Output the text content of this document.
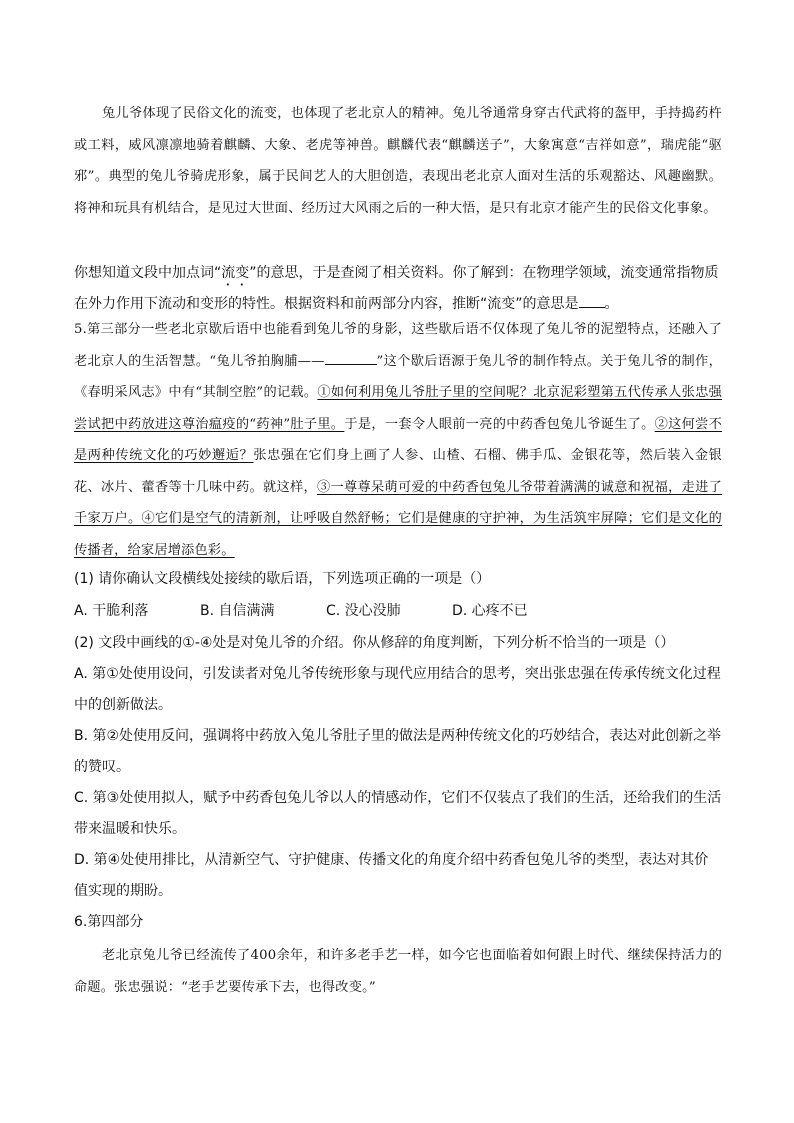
兔儿爷体现了民俗文化的流变，也体现了老北京人的精神。兔儿爷通常身穿古代武将的盔甲，手持捣药杵或工料，威风凛凛地骑着麒麟、大象、老虎等神兽。麒麟代表“麒麟送子”，大象寓意“吉祥如意”，瑞虎能“驱邪”。典型的兔儿爷骑虎形象，属于民间艺人的大胆创造，表现出老北京人面对生活的乐观豁达、风趣幽默。将神和玩具有机结合，是见过大世面、经历过大风雨之后的一种大悟，是只有北京才能产生的民俗文化事象。

你想知道文段中加点词“流变”的意思，于是查阅了相关资料。你了解到：在物理学领域，流变通常指物质在外力作用下流动和变形的特性。根据资料和前两部分内容，推断“流变”的意思是 。

5.第三部分一些老北京歇后语中也能看到兔儿爷的身影，这些歇后语不仅体现了兔儿爷的泥塑特点，还融入了老北京人的生活智慧。“兔儿爷拍胸脯——	”这个歇后语源于兔儿爷的制作特点。关于兔儿爷的制作，《春明采风志》中有“其制空腔”的记载。①如何利用兔儿爷肚子里的空间呢？北京泥彩塑第五代传承人张忠强尝试把中药放进这尊治瘟疫的“药神”肚子里。于是，一套令人眼前一亮的中药香包兔儿爷诞生了。②这何尝不是两种传统文化的巧妙邂逅？张忠强在它们身上画了人参、山楂、石榴、佛手瓜、金银花等，然后装入金银花、冰片、藿香等十几味中药。就这样，③一尊尊呆萌可爱的中药香包兔儿爷带着满满的诚意和祝福，走进了千家万户。④它们是空气的清新剂，让呼吸自然舒畅；它们是健康的守护神，为生活筑牢屏障；它们是文化的传播者，给家居增添色彩。

(1) 请你确认文段横线处接续的歇后语，下列选项正确的一项是（）

A. 干脆利落	B. 自信满满	C. 没心没肺	D. 心疼不已

(2) 文段中画线的①-④处是对兔儿爷的介绍。你从修辞的角度判断，下列分析不恰当的一项是（）

A. 第①处使用设问，引发读者对兔儿爷传统形象与现代应用结合的思考，突出张忠强在传承传统文化过程中的创新做法。

B. 第②处使用反问，强调将中药放入兔儿爷肚子里的做法是两种传统文化的巧妙结合，表达对此创新之举的赞叹。

C. 第③处使用拟人，赋予中药香包兔儿爷以人的情感动作，它们不仅装点了我们的生活，还给我们的生活带来温暖和快乐。

D. 第④处使用排比，从清新空气、守护健康、传播文化的角度介绍中药香包兔儿爷的类型，表达对其价值实现的期盼。

6.第四部分

老北京兔儿爷已经流传了400余年，和许多老手艺一样，如今它也面临着如何跟上时代、继续保持活力的命题。张忠强说：“老手艺要传承下去，也得改变。”
